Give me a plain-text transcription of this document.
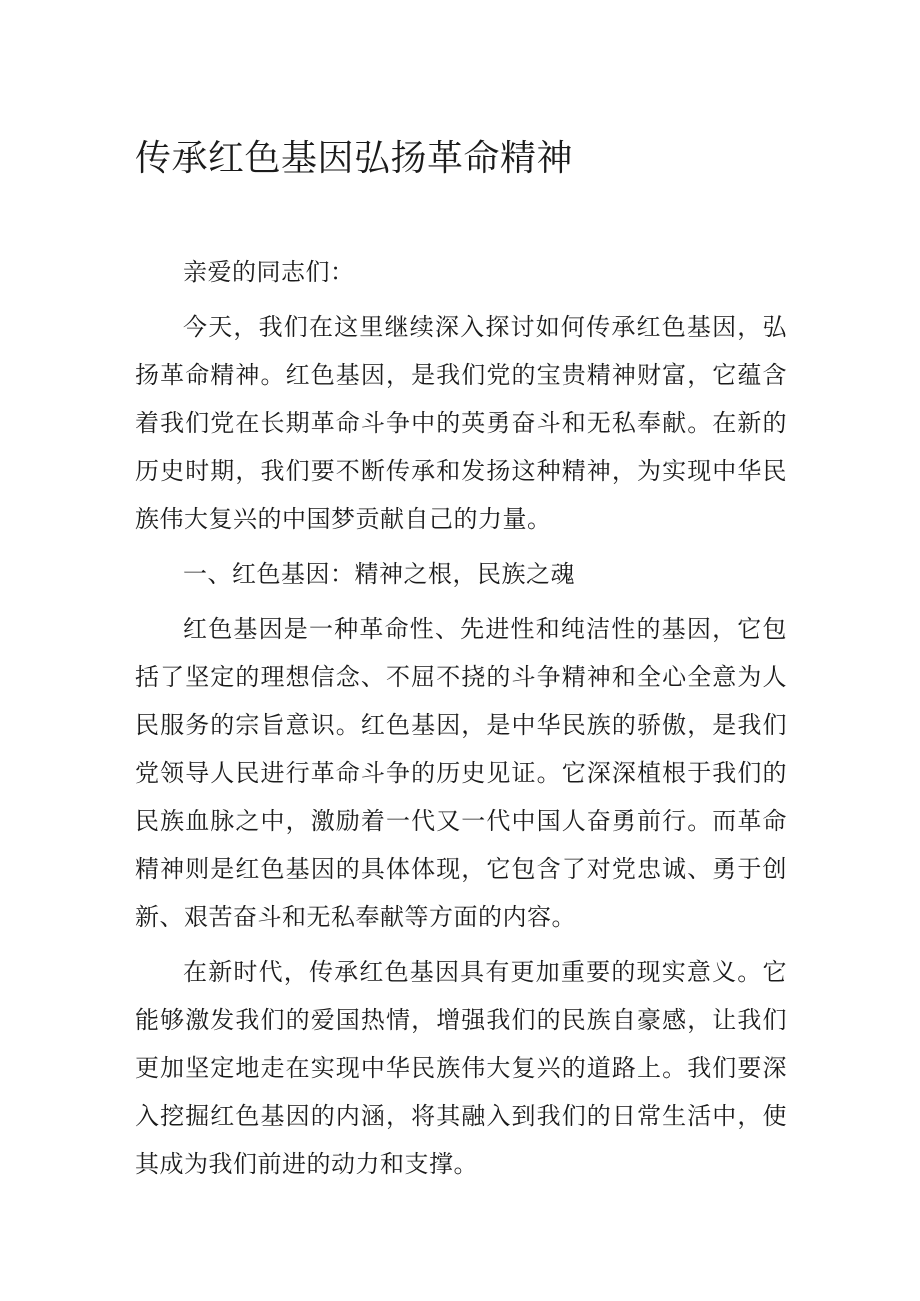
传承红色基因弘扬革命精神

亲爱的同志们：

今天，我们在这里继续深入探讨如何传承红色基因，弘扬革命精神。红色基因，是我们党的宝贵精神财富，它蕴含着我们党在长期革命斗争中的英勇奋斗和无私奉献。在新的历史时期，我们要不断传承和发扬这种精神，为实现中华民族伟大复兴的中国梦贡献自己的力量。

一、红色基因：精神之根，民族之魂

红色基因是一种革命性、先进性和纯洁性的基因，它包括了坚定的理想信念、不屈不挠的斗争精神和全心全意为人民服务的宗旨意识。红色基因，是中华民族的骄傲，是我们党领导人民进行革命斗争的历史见证。它深深植根于我们的民族血脉之中，激励着一代又一代中国人奋勇前行。而革命精神则是红色基因的具体体现，它包含了对党忠诚、勇于创新、艰苦奋斗和无私奉献等方面的内容。

在新时代，传承红色基因具有更加重要的现实意义。它能够激发我们的爱国热情，增强我们的民族自豪感，让我们更加坚定地走在实现中华民族伟大复兴的道路上。我们要深入挖掘红色基因的内涵，将其融入到我们的日常生活中，使其成为我们前进的动力和支撑。
